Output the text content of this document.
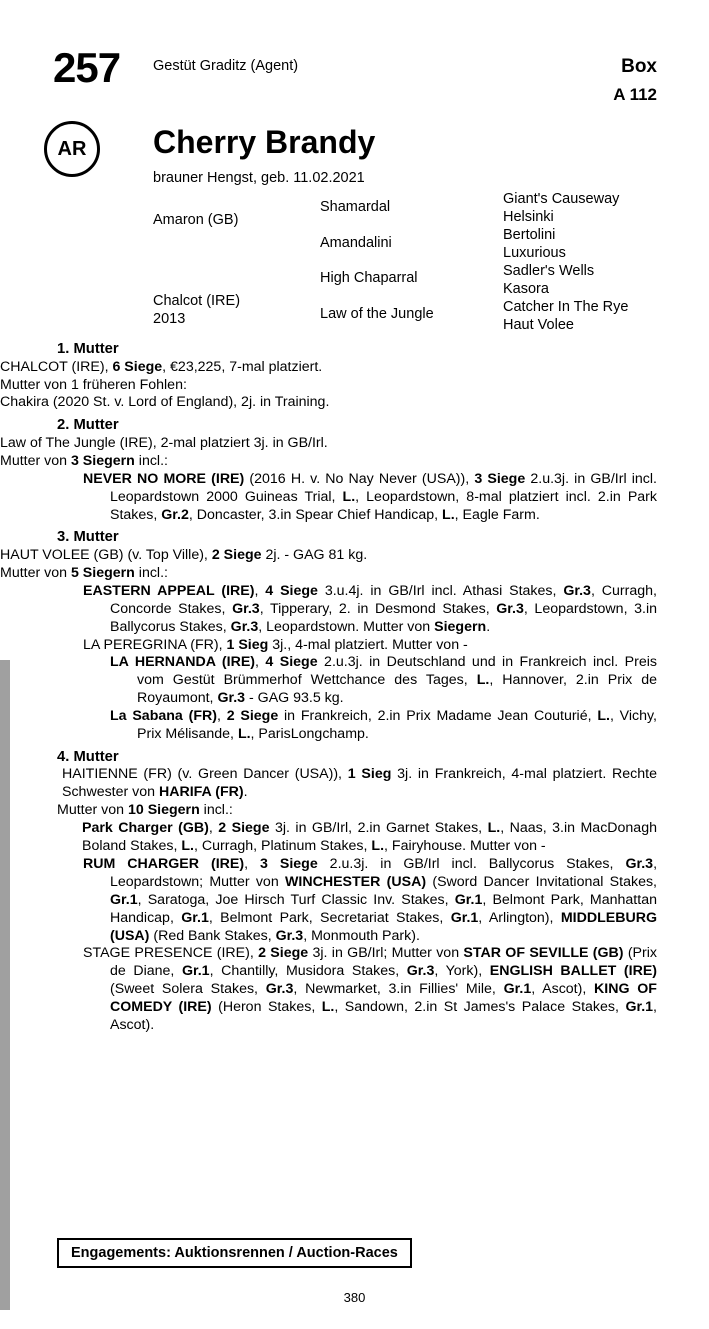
257 Gestüt Graditz (Agent)	Box
A 112
AR	Cherry Brandy
brauner Hengst, geb. 11.02.2021
Amaron (GB)
Chalcot (IRE)
2013
Shamardal
Amandalini
High Chaparral
Law of the Jungle
Giant's Causeway
Helsinki
Bertolini
Luxurious
Sadler's Wells
Kasora
Catcher In The Rye
Haut Volee
1. Mutter

CHALCOT (IRE), 6 Siege, €23,225, 7-mal platziert.

Mutter von 1 früheren Fohlen:

Chakira (2020 St. v. Lord of England), 2j. in Training.

2. Mutter

Law of The Jungle (IRE), 2-mal platziert 3j. in GB/Irl.

Mutter von 3 Siegern incl.:

NEVER NO MORE (IRE) (2016 H. v. No Nay Never (USA)), 3 Siege 2.u.3j. in GB/Irl incl. Leopardstown 2000 Guineas Trial, L., Leopardstown, 8-mal platziert incl. 2.in Park Stakes, Gr.2, Doncaster, 3.in Spear Chief Handicap, L., Eagle Farm.

3. Mutter

HAUT VOLEE (GB) (v. Top Ville), 2 Siege 2j. - GAG 81 kg.

Mutter von 5 Siegern incl.:

EASTERN APPEAL (IRE), 4 Siege 3.u.4j. in GB/Irl incl. Athasi Stakes, Gr.3, Curragh, Concorde Stakes, Gr.3, Tipperary, 2. in Desmond Stakes, Gr.3, Leopardstown, 3.in Ballycorus Stakes, Gr.3, Leopardstown. Mutter von Siegern.

LA PEREGRINA (FR), 1 Sieg 3j., 4-mal platziert. Mutter von -

LA HERNANDA (IRE), 4 Siege 2.u.3j. in Deutschland und in Frankreich incl. Preis vom Gestüt Brümmerhof Wettchance des Tages, L., Hannover, 2.in Prix de Royaumont, Gr.3 - GAG 93.5 kg.

La Sabana (FR), 2 Siege in Frankreich, 2.in Prix Madame Jean Couturié, L., Vichy, Prix Mélisande, L., ParisLongchamp.

4. Mutter

HAITIENNE (FR) (v. Green Dancer (USA)), 1 Sieg 3j. in Frankreich, 4-mal platziert. Rechte Schwester von HARIFA (FR).

Mutter von 10 Siegern incl.:

Park Charger (GB), 2 Siege 3j. in GB/Irl, 2.in Garnet Stakes, L., Naas, 3.in MacDonagh Boland Stakes, L., Curragh, Platinum Stakes, L., Fairyhouse. Mutter von -

RUM CHARGER (IRE), 3 Siege 2.u.3j. in GB/Irl incl. Ballycorus Stakes, Gr.3, Leopardstown; Mutter von WINCHESTER (USA) (Sword Dancer Invitational Stakes, Gr.1, Saratoga, Joe Hirsch Turf Classic Inv. Stakes, Gr.1, Belmont Park, Manhattan Handicap, Gr.1, Belmont Park, Secretariat Stakes, Gr.1, Arlington), MIDDLEBURG (USA) (Red Bank Stakes, Gr.3, Monmouth Park).

STAGE PRESENCE (IRE), 2 Siege 3j. in GB/Irl; Mutter von STAR OF SEVILLE (GB) (Prix de Diane, Gr.1, Chantilly, Musidora Stakes, Gr.3, York), ENGLISH BALLET (IRE) (Sweet Solera Stakes, Gr.3, Newmarket, 3.in Fillies' Mile, Gr.1, Ascot), KING OF COMEDY (IRE) (Heron Stakes, L., Sandown, 2.in St James's Palace Stakes, Gr.1, Ascot).

Engagements: Auktionsrennen / Auction-Races
380
